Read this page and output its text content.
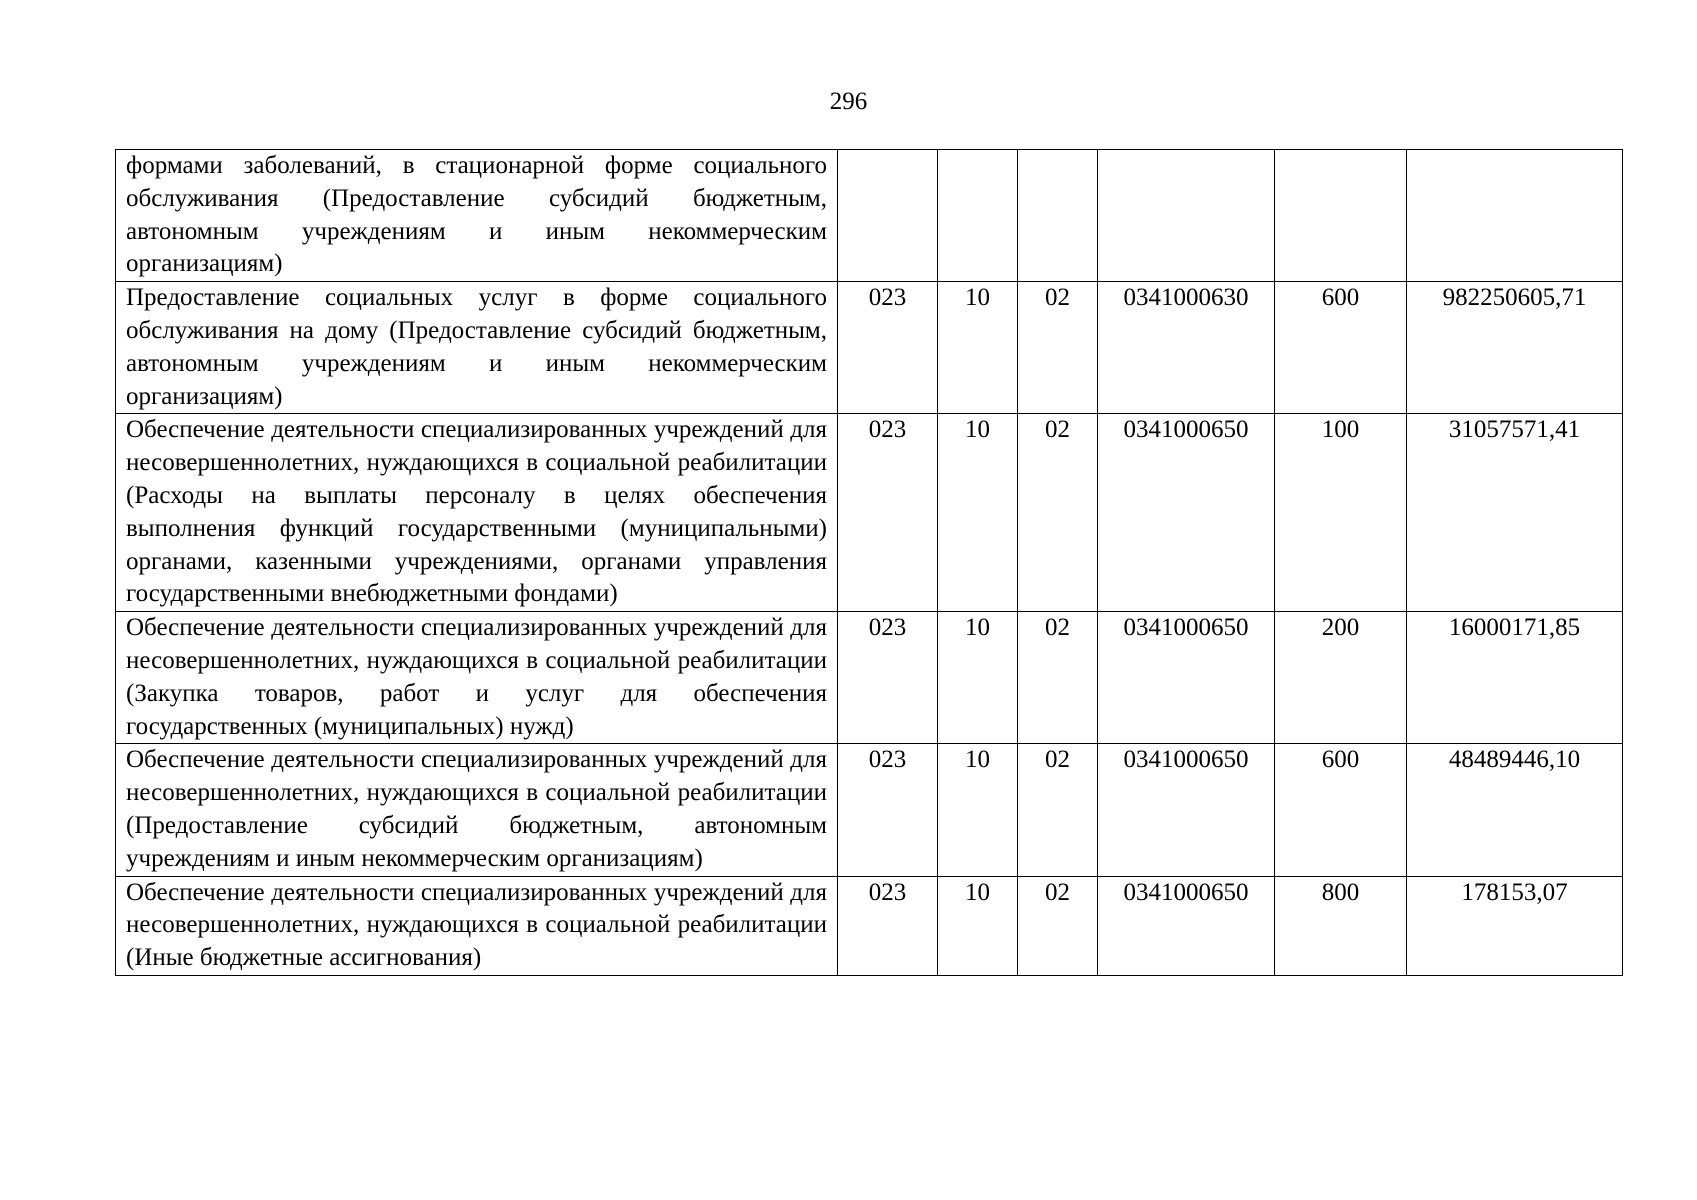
296
формами заболеваний, в стационарной форме социального обслуживания (Предоставление субсидий бюджетным, автономным учреждениям и иным некоммерческим организациям)						
Предоставление социальных услуг в форме социального обслуживания на дому (Предоставление субсидий бюджетным, автономным учреждениям и иным некоммерческим организациям)	023	10	02	0341000630	600	982250605,71
Обеспечение деятельности специализированных учреждений для несовершеннолетних, нуждающихся в социальной реабилитации (Расходы на выплаты персоналу в целях обеспечения выполнения функций государственными (муниципальными) органами, казенными учреждениями, органами управления государственными внебюджетными фондами)	023	10	02	0341000650	100	31057571,41
Обеспечение деятельности специализированных учреждений для несовершеннолетних, нуждающихся в социальной реабилитации (Закупка товаров, работ и услуг для обеспечения государственных (муниципальных) нужд)	023	10	02	0341000650	200	16000171,85
Обеспечение деятельности специализированных учреждений для несовершеннолетних, нуждающихся в социальной реабилитации (Предоставление субсидий бюджетным, автономным учреждениям и иным некоммерческим организациям)	023	10	02	0341000650	600	48489446,10
Обеспечение деятельности специализированных учреждений для несовершеннолетних, нуждающихся в социальной реабилитации (Иные бюджетные ассигнования)	023	10	02	0341000650	800	178153,07
